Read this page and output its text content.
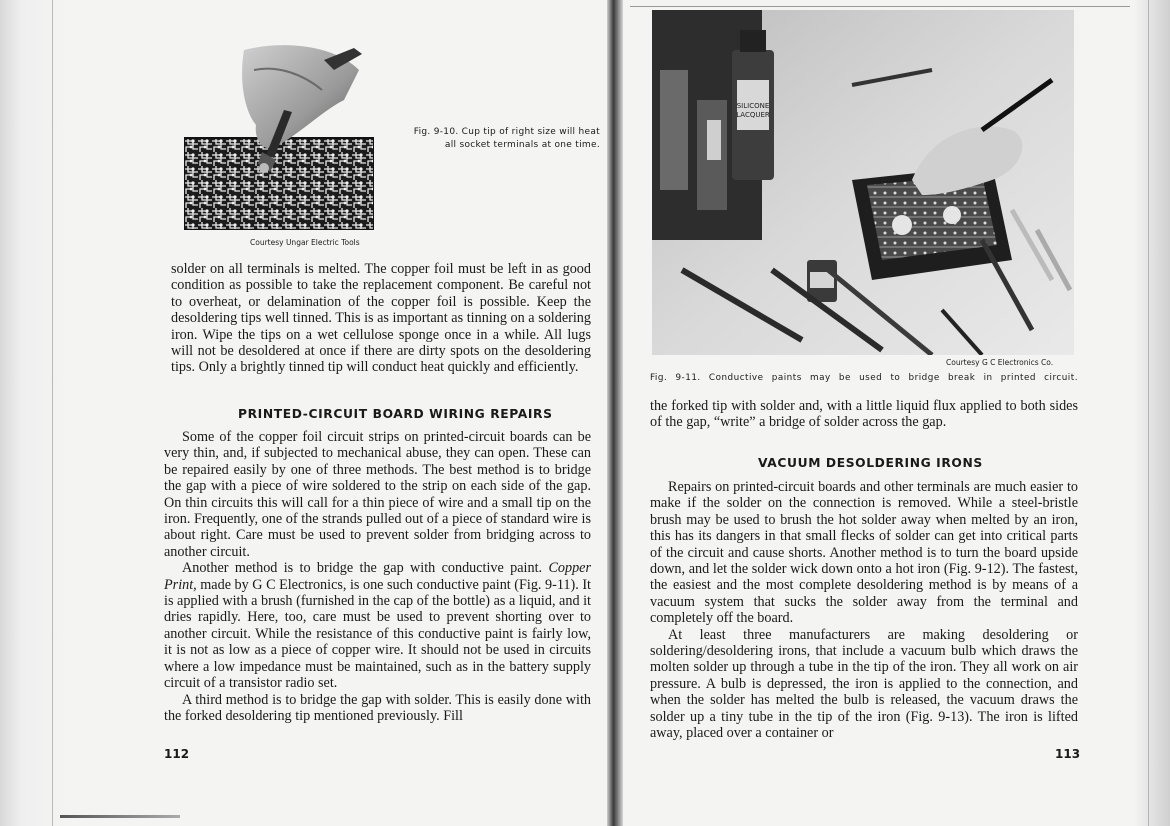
Fig. 9-10. Cup tip of right size will heat
all socket terminals at one time.
Courtesy Ungar Electric Tools

solder on all terminals is melted. The copper foil must be left in as good condition as possible to take the replacement component. Be careful not to overheat, or delamination of the copper foil is possible. Keep the desoldering tips well tinned. This is as important as tinning on a soldering iron. Wipe the tips on a wet cellulose sponge once in a while. All lugs will not be desoldered at once if there are dirty spots on the desoldering tips. Only a brightly tinned tip will conduct heat quickly and efficiently.

PRINTED-CIRCUIT BOARD WIRING REPAIRS

Some of the copper foil circuit strips on printed-circuit boards can be very thin, and, if subjected to mechanical abuse, they can open. These can be repaired easily by one of three methods. The best method is to bridge the gap with a piece of wire soldered to the strip on each side of the gap. On thin circuits this will call for a thin piece of wire and a small tip on the iron. Frequently, one of the strands pulled out of a piece of standard wire is about right. Care must be used to prevent solder from bridging across to another circuit.

Another method is to bridge the gap with conductive paint. Copper Print, made by G C Electronics, is one such conductive paint (Fig. 9-11). It is applied with a brush (furnished in the cap of the bottle) as a liquid, and it dries rapidly. Here, too, care must be used to prevent shorting over to another circuit. While the resistance of this conductive paint is fairly low, it is not as low as a piece of copper wire. It should not be used in circuits where a low impedance must be maintained, such as in the battery supply circuit of a transistor radio set.

A third method is to bridge the gap with solder. This is easily done with the forked desoldering tip mentioned previously. Fill

112
SILICONE
LACQUER
Courtesy G C Electronics Co.
Fig. 9-11. Conductive paints may be used to bridge break in printed circuit.

the forked tip with solder and, with a little liquid flux applied to both sides of the gap, “write” a bridge of solder across the gap.

VACUUM DESOLDERING IRONS

Repairs on printed-circuit boards and other terminals are much easier to make if the solder on the connection is removed. While a steel-bristle brush may be used to brush the hot solder away when melted by an iron, this has its dangers in that small flecks of solder can get into critical parts of the circuit and cause shorts. Another method is to turn the board upside down, and let the solder wick down onto a hot iron (Fig. 9-12). The fastest, the easiest and the most complete desoldering method is by means of a vacuum system that sucks the solder away from the terminal and completely off the board.

At least three manufacturers are making desoldering or soldering/desoldering irons, that include a vacuum bulb which draws the molten solder up through a tube in the tip of the iron. They all work on air pressure. A bulb is depressed, the iron is applied to the connection, and when the solder has melted the bulb is released, the vacuum draws the solder up a tiny tube in the tip of the iron (Fig. 9-13). The iron is lifted away, placed over a container or

113
